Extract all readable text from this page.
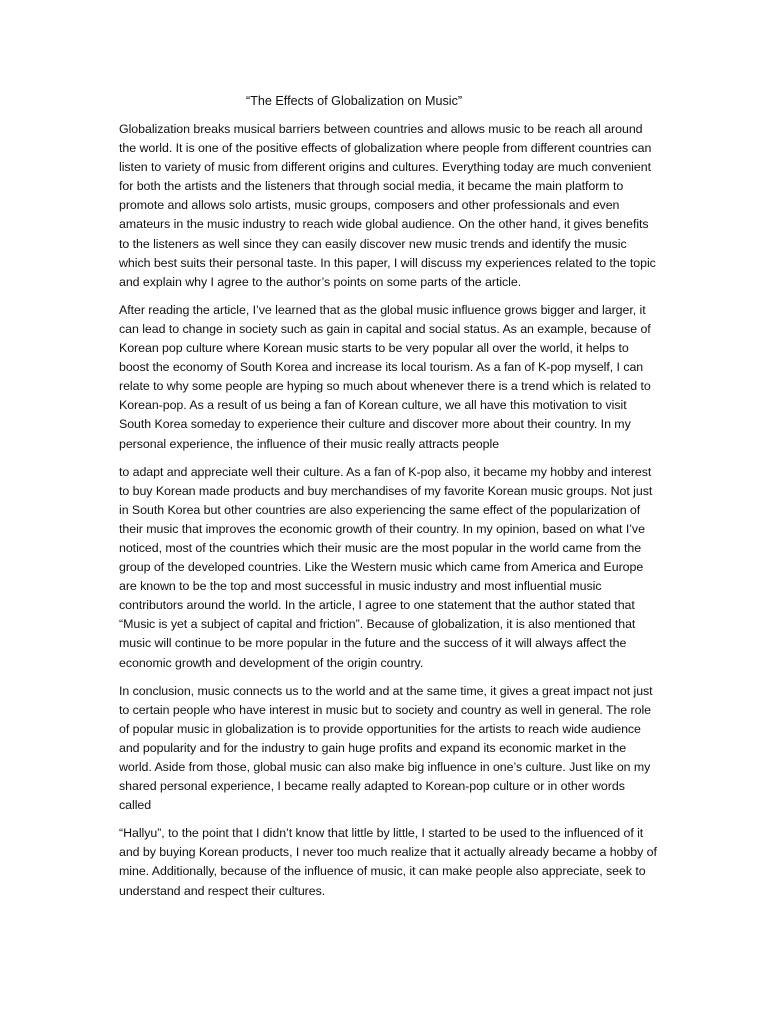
“The Effects of Globalization on Music”

Globalization breaks musical barriers between countries and allows music to be reach all around the world. It is one of the positive effects of globalization where people from different countries can listen to variety of music from different origins and cultures. Everything today are much convenient for both the artists and the listeners that through social media, it became the main platform to promote and allows solo artists, music groups, composers and other professionals and even amateurs in the music industry to reach wide global audience. On the other hand, it gives benefits to the listeners as well since they can easily discover new music trends and identify the music which best suits their personal taste. In this paper, I will discuss my experiences related to the topic and explain why I agree to the author’s points on some parts of the article.

After reading the article, I’ve learned that as the global music influence grows bigger and larger, it can lead to change in society such as gain in capital and social status. As an example, because of Korean pop culture where Korean music starts to be very popular all over the world, it helps to boost the economy of South Korea and increase its local tourism. As a fan of K-pop myself, I can relate to why some people are hyping so much about whenever there is a trend which is related to Korean-pop. As a result of us being a fan of Korean culture, we all have this motivation to visit South Korea someday to experience their culture and discover more about their country. In my personal experience, the influence of their music really attracts people

to adapt and appreciate well their culture. As a fan of K-pop also, it became my hobby and interest to buy Korean made products and buy merchandises of my favorite Korean music groups. Not just in South Korea but other countries are also experiencing the same effect of the popularization of their music that improves the economic growth of their country. In my opinion, based on what I’ve noticed, most of the countries which their music are the most popular in the world came from the group of the developed countries. Like the Western music which came from America and Europe are known to be the top and most successful in music industry and most influential music contributors around the world. In the article, I agree to one statement that the author stated that “Music is yet a subject of capital and friction”. Because of globalization, it is also mentioned that music will continue to be more popular in the future and the success of it will always affect the economic growth and development of the origin country.

In conclusion, music connects us to the world and at the same time, it gives a great impact not just to certain people who have interest in music but to society and country as well in general. The role of popular music in globalization is to provide opportunities for the artists to reach wide audience and popularity and for the industry to gain huge profits and expand its economic market in the world. Aside from those, global music can also make big influence in one’s culture. Just like on my shared personal experience, I became really adapted to Korean-pop culture or in other words called

“Hallyu”, to the point that I didn’t know that little by little, I started to be used to the influenced of it and by buying Korean products, I never too much realize that it actually already became a hobby of mine. Additionally, because of the influence of music, it can make people also appreciate, seek to understand and respect their cultures.
